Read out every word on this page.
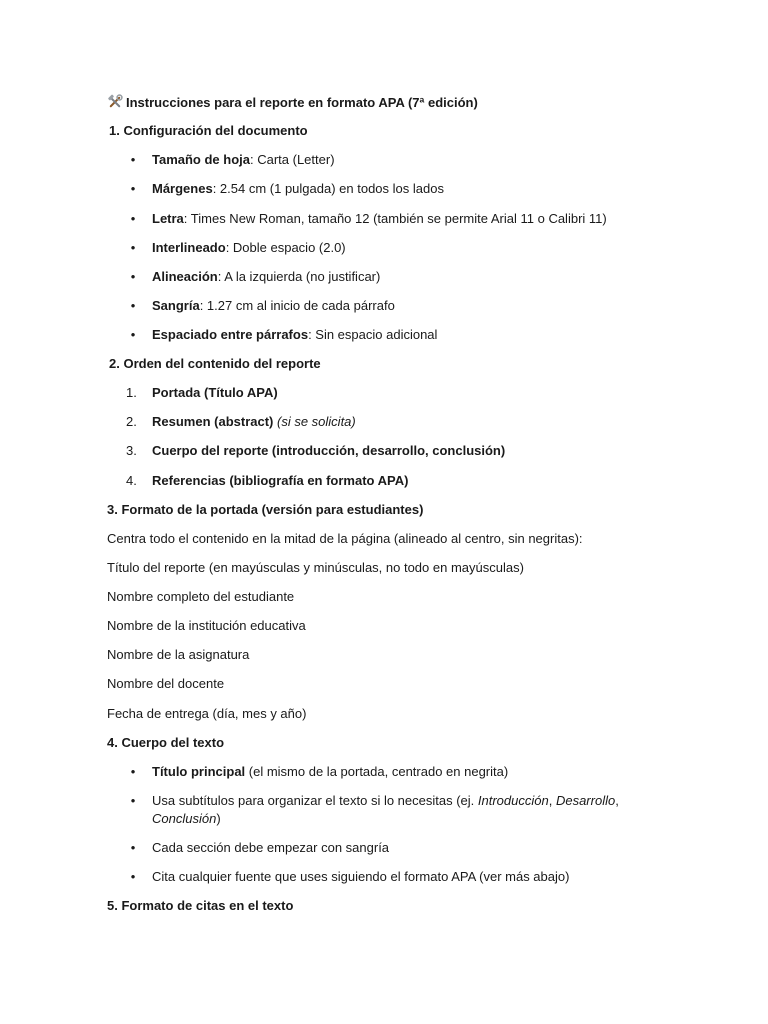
Instrucciones para el reporte en formato APA (7ª edición)
1. Configuración del documento
• Tamaño de hoja: Carta (Letter)
• Márgenes: 2.54 cm (1 pulgada) en todos los lados
• Letra: Times New Roman, tamaño 12 (también se permite Arial 11 o Calibri 11)
• Interlineado: Doble espacio (2.0)
• Alineación: A la izquierda (no justificar)
• Sangría: 1.27 cm al inicio de cada párrafo
• Espaciado entre párrafos: Sin espacio adicional
2. Orden del contenido del reporte
1.	Portada (Título APA)
2.	Resumen (abstract) (si se solicita)
3.	Cuerpo del reporte (introducción, desarrollo, conclusión)
4.	Referencias (bibliografía en formato APA)
3. Formato de la portada (versión para estudiantes)
Centra todo el contenido en la mitad de la página (alineado al centro, sin negritas):
Título del reporte (en mayúsculas y minúsculas, no todo en mayúsculas)
Nombre completo del estudiante
Nombre de la institución educativa
Nombre de la asignatura
Nombre del docente
Fecha de entrega (día, mes y año)
4. Cuerpo del texto
• Título principal (el mismo de la portada, centrado en negrita)
• Usa subtítulos para organizar el texto si lo necesitas (ej. Introducción, Desarrollo,
Conclusión)
• Cada sección debe empezar con sangría
• Cita cualquier fuente que uses siguiendo el formato APA (ver más abajo)
5. Formato de citas en el texto
